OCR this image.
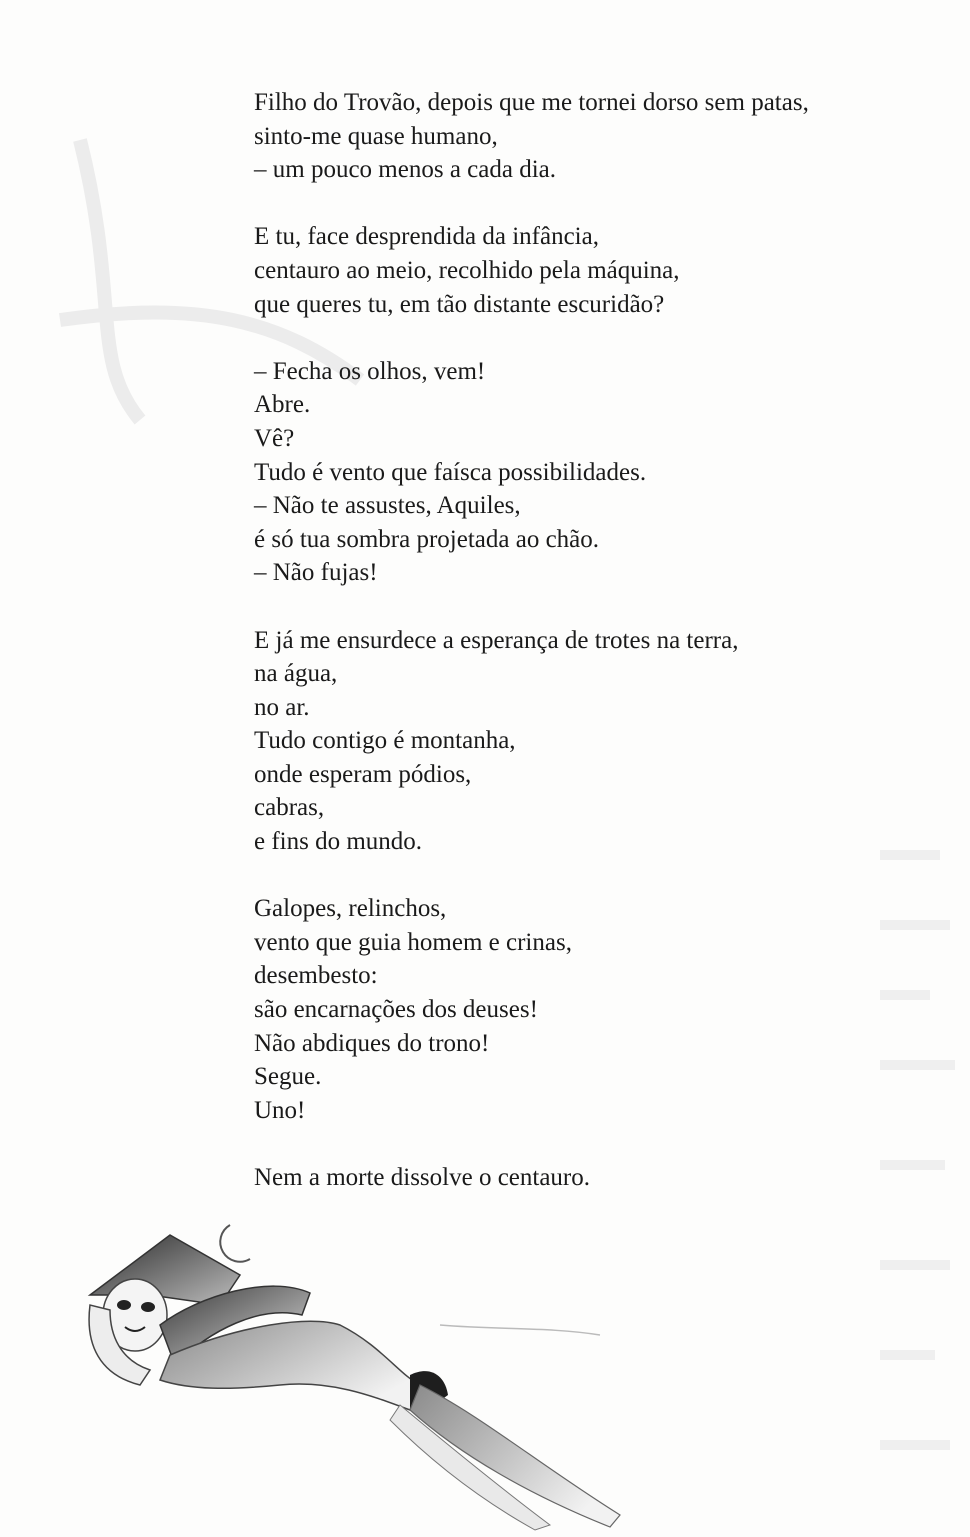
Filho do Trovão, depois que me tornei dorso sem patas,
sinto-me quase humano,
– um pouco menos a cada dia.
E tu, face desprendida da infância,
centauro ao meio, recolhido pela máquina,
que queres tu, em tão distante escuridão?
– Fecha os olhos, vem!
Abre.
Vê?
Tudo é vento que faísca possibilidades.
– Não te assustes, Aquiles,
é só tua sombra projetada ao chão.
– Não fujas!
E já me ensurdece a esperança de trotes na terra,
na água,
no ar.
Tudo contigo é montanha,
onde esperam pódios,
cabras,
e fins do mundo.
Galopes, relinchos,
vento que guia homem e crinas,
desembesto:
são encarnações dos deuses!
Não abdiques do trono!
Segue.
Uno!
Nem a morte dissolve o centauro.
